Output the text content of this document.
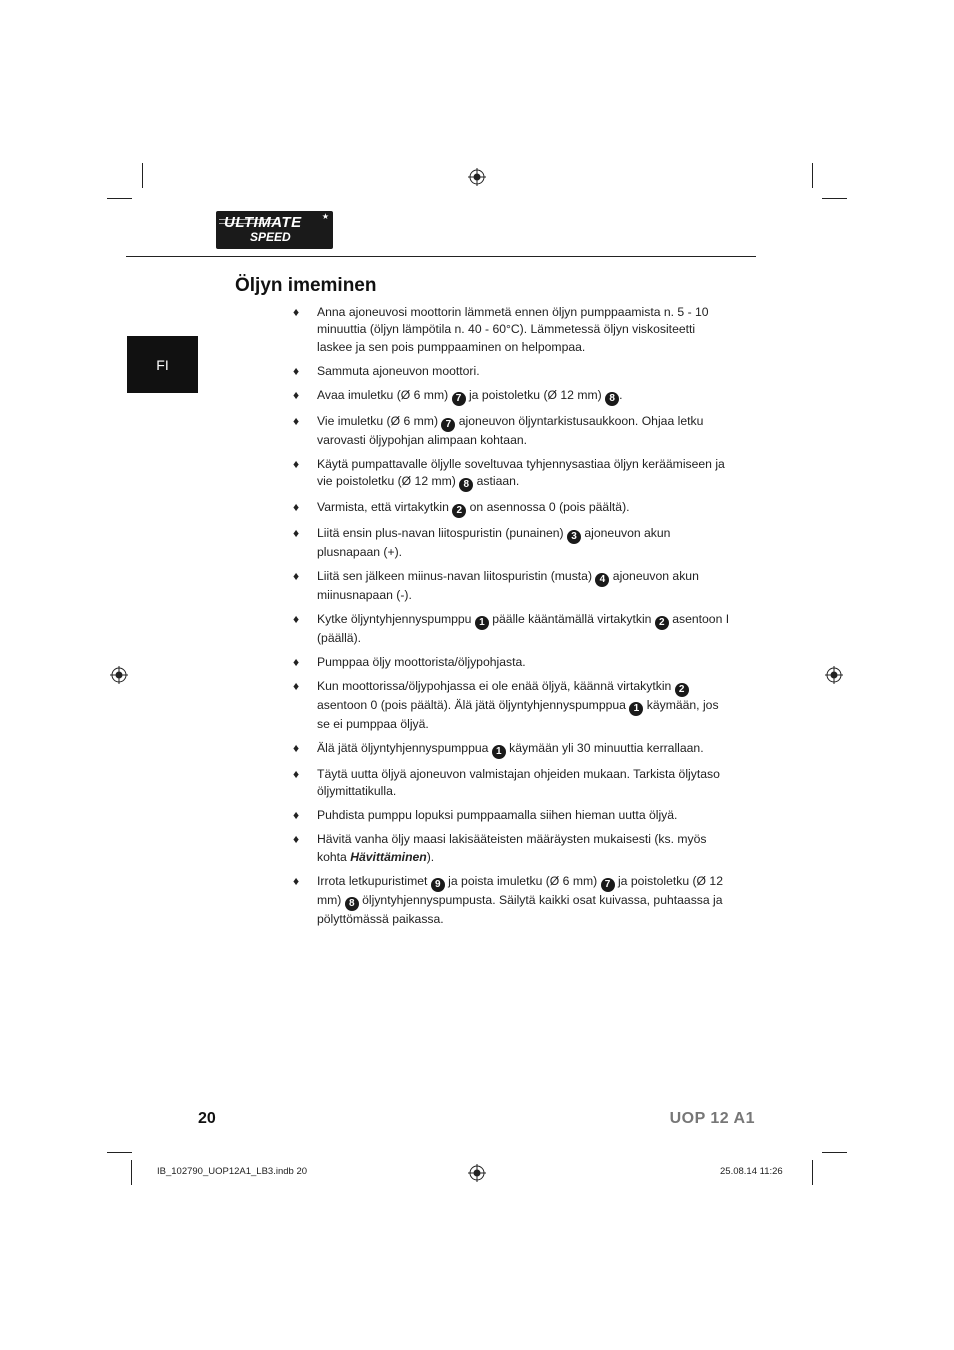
ULTIMATE
SPEED
★
FI
Öljyn imeminen
♦ Anna ajoneuvosi moottorin lämmetä ennen öljyn pumppaamista n. 5 - 10 minuuttia (öljyn lämpötila n. 40 - 60°C). Lämmetessä öljyn viskositeetti laskee ja sen pois pumppaaminen on helpompaa.
♦ Sammuta ajoneuvon moottori.
♦ Avaa imuletku (Ø 6 mm) 7 ja poistoletku (Ø 12 mm) 8 .
♦ Vie imuletku (Ø 6 mm) 7 ajoneuvon öljyntarkistusaukkoon. Ohjaa letku varovasti öljypohjan alimpaan kohtaan.
♦ Käytä pumpattavalle öljylle soveltuvaa tyhjennysastiaa öljyn keräämiseen ja vie poistoletku (Ø 12 mm) 8 astiaan.
♦ Varmista, että virtakytkin 2 on asennossa 0 (pois päältä).
♦ Liitä ensin plus-navan liitospuristin (punainen) 3 ajoneuvon akun plusnapaan (+).
♦ Liitä sen jälkeen miinus-navan liitospuristin (musta) 4 ajoneuvon akun miinusnapaan (-).
♦ Kytke öljyntyhjennyspumppu 1 päälle kääntämällä virtakytkin 2 asentoon I (päällä).
♦ Pumppaa öljy moottorista/öljypohjasta.
♦ Kun moottorissa/öljypohjassa ei ole enää öljyä, käännä virtakytkin 2 asentoon 0 (pois päältä). Älä jätä öljyntyhjennyspumppua 1 käymään, jos se ei pumppaa öljyä.
♦ Älä jätä öljyntyhjennyspumppua 1 käymään yli 30 minuuttia kerrallaan.
♦ Täytä uutta öljyä ajoneuvon valmistajan ohjeiden mukaan. Tarkista öljytaso öljymittatikulla.
♦ Puhdista pumppu lopuksi pumppaamalla siihen hieman uutta öljyä.
♦ Hävitä vanha öljy maasi lakisääteisten määräysten mukaisesti (ks. myös kohta Hävittäminen).
♦ Irrota letkupuristimet 9 ja poista imuletku (Ø 6 mm) 7 ja poistoletku (Ø 12 mm) 8 öljyntyhjennyspumpusta. Säilytä kaikki osat kuivassa, puhtaassa ja pölyttömässä paikassa.
20	UOP 12 A1
IB_102790_UOP12A1_LB3.indb 20	25.08.14 11:26
